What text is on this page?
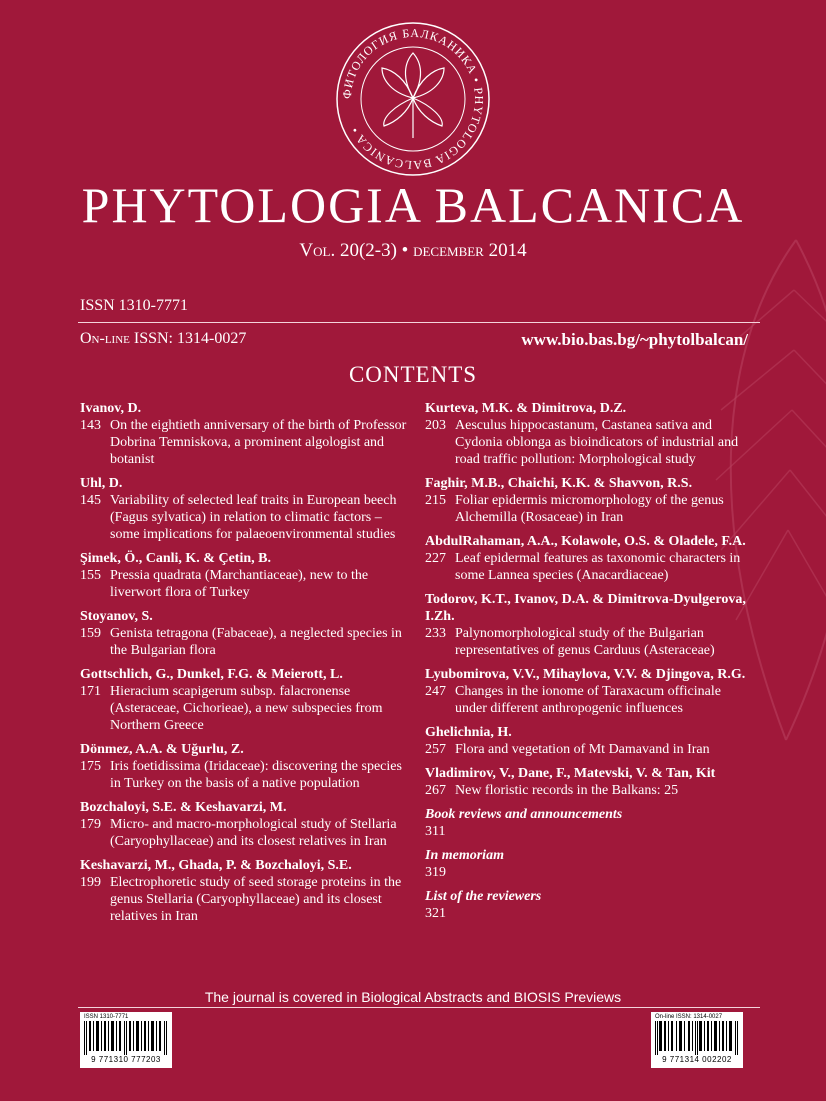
ФИТОЛОГИЯ БАЛКАНИКА • PHYTOLOGIA BALCANICA •
PHYTOLOGIA BALCANICA
Vol. 20(2-3) • december 2014
ISSN 1310-7771
On-line ISSN: 1314-0027	www.bio.bas.bg/~phytolbalcan/
CONTENTS
Ivanov, D.
143 On the eightieth anniversary of the birth of Professor Dobrina Temniskova, a prominent algologist and botanist
Uhl, D.
145 Variability of selected leaf traits in European beech (Fagus sylvatica) in relation to climatic factors – some implications for palaeoenvironmental studies
Şimek, Ö., Canli, K. & Çetin, B.
155 Pressia quadrata (Marchantiaceae), new to the liverwort flora of Turkey
Stoyanov, S.
159 Genista tetragona (Fabaceae), a neglected species in the Bulgarian flora
Gottschlich, G., Dunkel, F.G. & Meierott, L.
171 Hieracium scapigerum subsp. falacronense (Asteraceae, Cichorieae), a new subspecies from Northern Greece
Dönmez, A.A. & Uğurlu, Z.
175 Iris foetidissima (Iridaceae): discovering the species in Turkey on the basis of a native population
Bozchaloyi, S.E. & Keshavarzi, M.
179 Micro- and macro-morphological study of Stellaria (Caryophyllaceae) and its closest relatives in Iran
Keshavarzi, M., Ghada, P. & Bozchaloyi, S.E.
199 Electrophoretic study of seed storage proteins in the genus Stellaria (Caryophyllaceae) and its closest relatives in Iran
Kurteva, M.K. & Dimitrova, D.Z.
203 Aesculus hippocastanum, Castanea sativa and Cydonia oblonga as bioindicators of industrial and road traffic pollution: Morphological study
Faghir, M.B., Chaichi, K.K. & Shavvon, R.S.
215 Foliar epidermis micromorphology of the genus Alchemilla (Rosaceae) in Iran
AbdulRahaman, A.A., Kolawole, O.S. & Oladele, F.A.
227 Leaf epidermal features as taxonomic characters in some Lannea species (Anacardiaceae)
Todorov, K.T., Ivanov, D.A. & Dimitrova-Dyulgerova, I.Zh.
233 Palynomorphological study of the Bulgarian representatives of genus Carduus (Asteraceae)
Lyubomirova, V.V., Mihaylova, V.V. & Djingova, R.G.
247 Changes in the ionome of Taraxacum officinale under different anthropogenic influences
Ghelichnia, H.
257 Flora and vegetation of Mt Damavand in Iran
Vladimirov, V., Dane, F., Matevski, V. & Tan, Kit
267 New floristic records in the Balkans: 25
Book reviews and announcements
311
In memoriam
319
List of the reviewers
321
The journal is covered in Biological Abstracts and BIOSIS Previews
ISSN 1310-7771
9 771310 777203
On-line ISSN: 1314-0027
9 771314 002202
